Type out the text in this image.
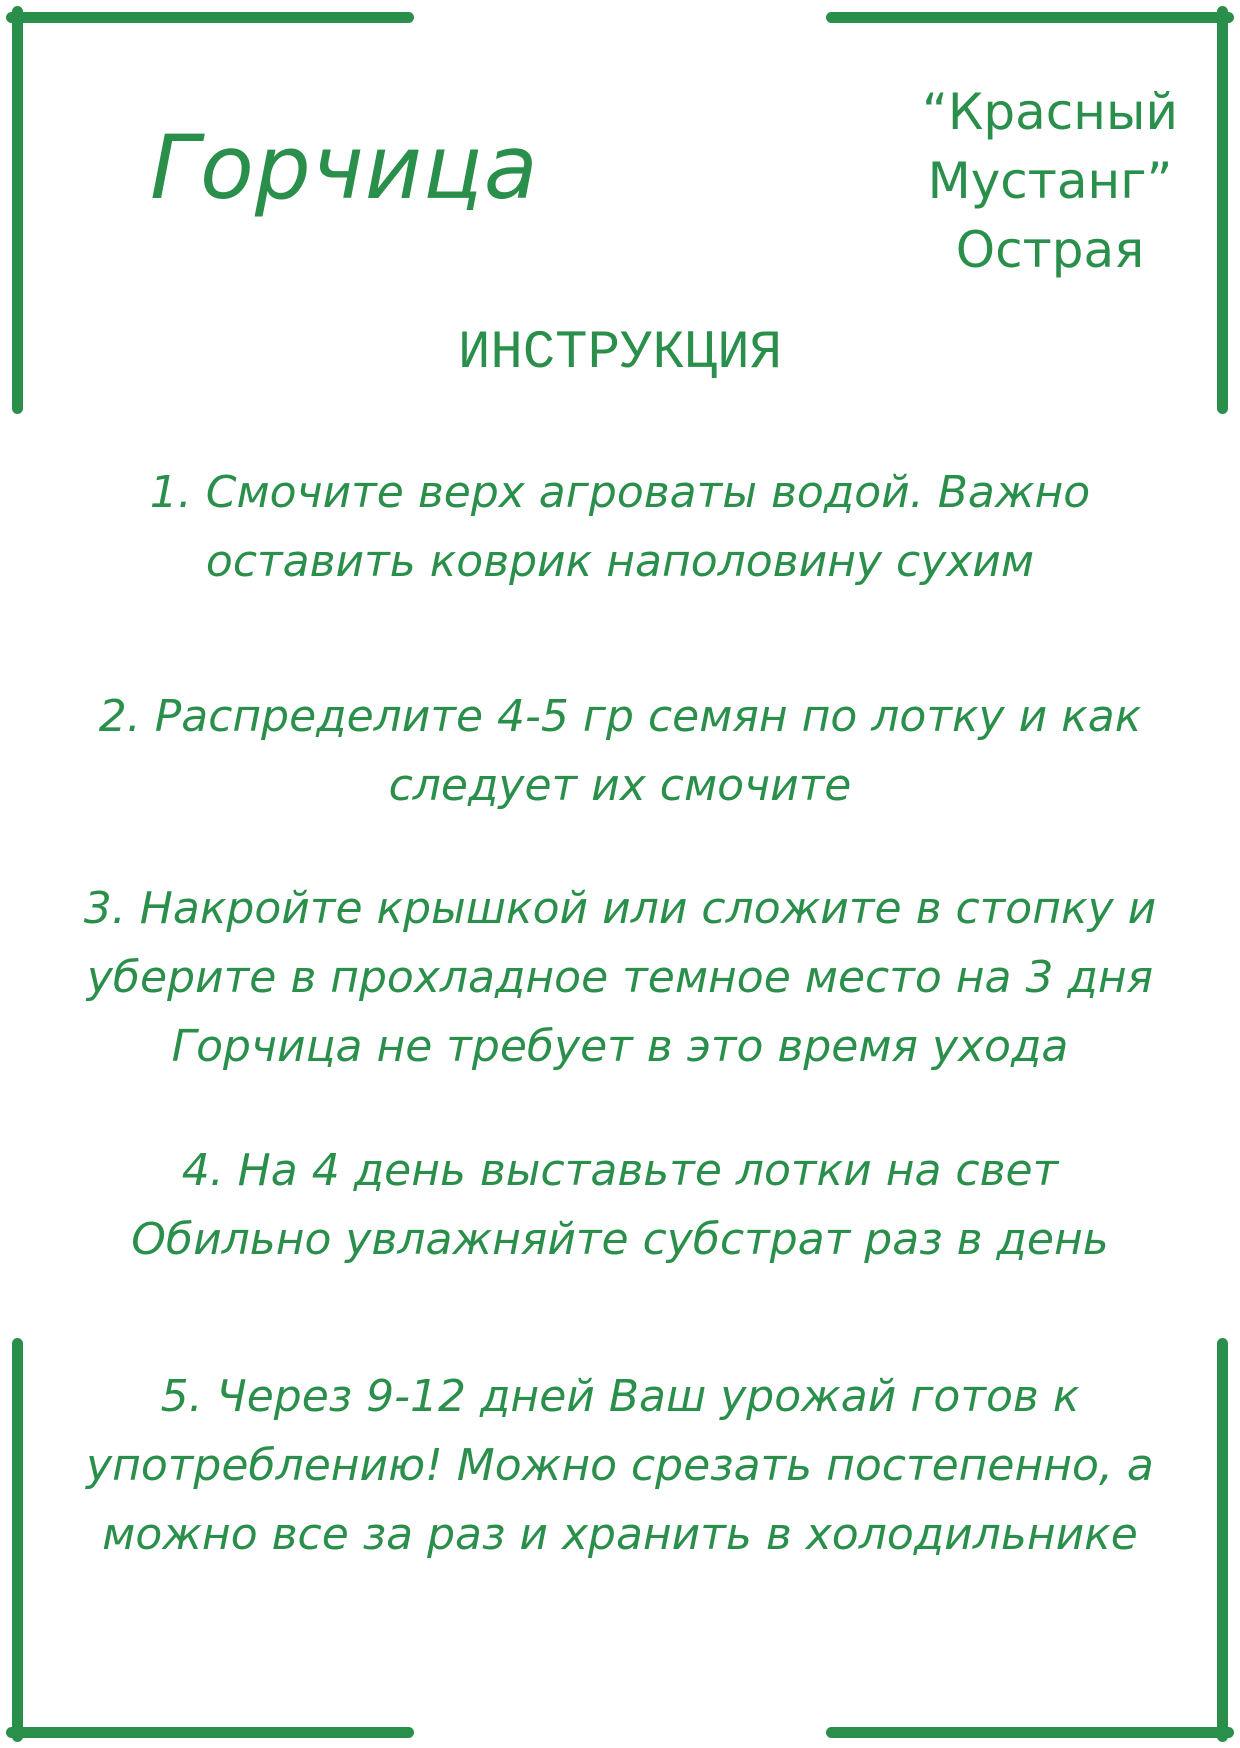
Горчица
“Красный
Мустанг”
Острая
ИНСТРУКЦИЯ
1. Смочите верх агроваты водой. Важно
оставить коврик наполовину сухим
2. Распределите 4-5 гр семян по лотку и как
следует их смочите
3. Накройте крышкой или сложите в стопку и
уберите в прохладное темное место на 3 дня
Горчица не требует в это время ухода
4. На 4 день выставьте лотки на свет
Обильно увлажняйте субстрат раз в день
5. Через 9-12 дней Ваш урожай готов к
употреблению! Можно срезать постепенно, а
можно все за раз и хранить в холодильнике
